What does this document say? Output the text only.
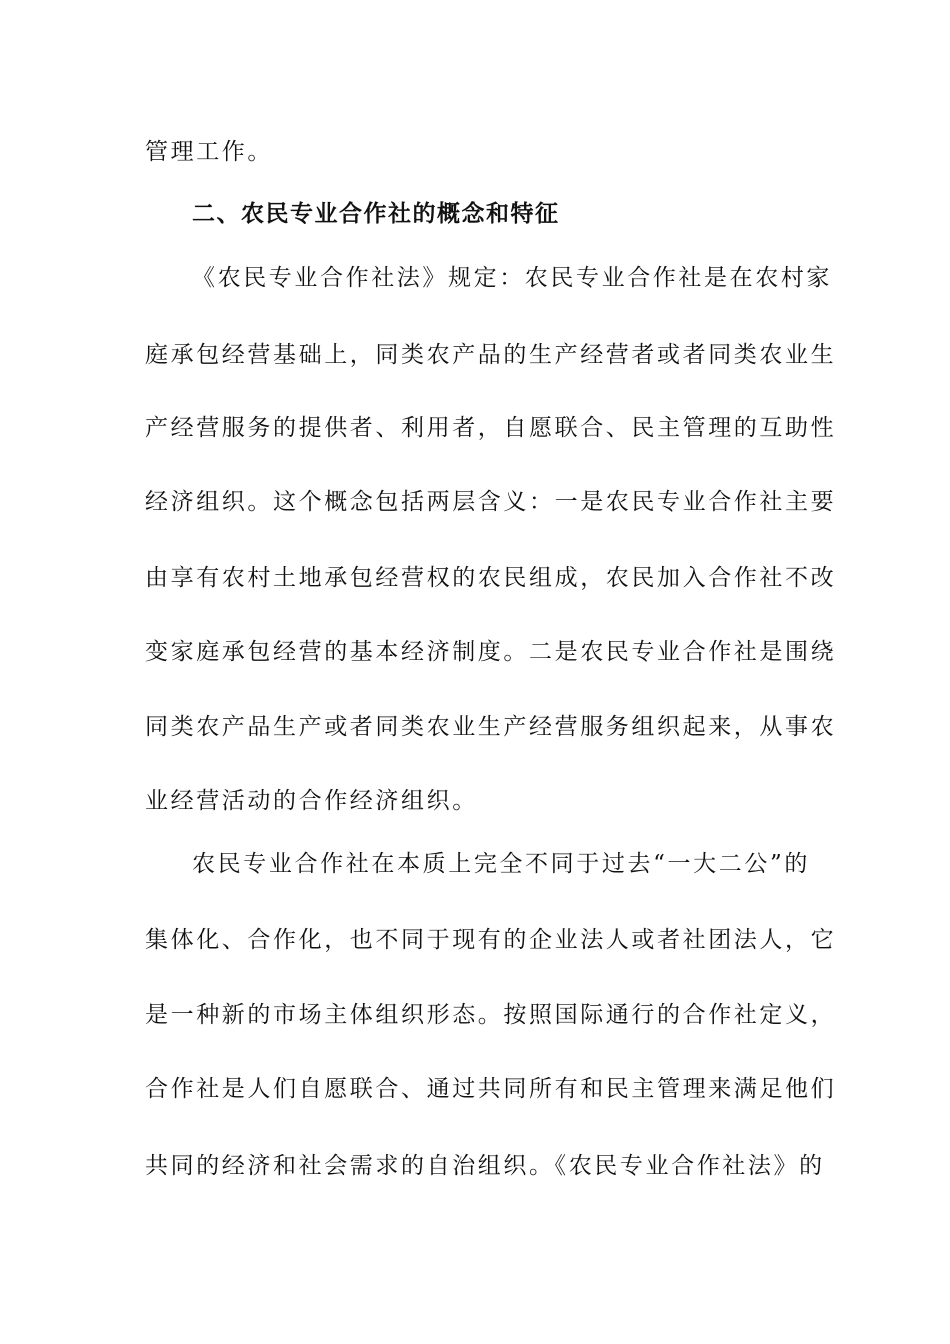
管理工作。
二、农民专业合作社的概念和特征
《农民专业合作社法》规定：农民专业合作社是在农村家
庭承包经营基础上，同类农产品的生产经营者或者同类农业生
产经营服务的提供者、利用者，自愿联合、民主管理的互助性
经济组织。这个概念包括两层含义：一是农民专业合作社主要
由享有农村土地承包经营权的农民组成，农民加入合作社不改
变家庭承包经营的基本经济制度。二是农民专业合作社是围绕
同类农产品生产或者同类农业生产经营服务组织起来，从事农
业经营活动的合作经济组织。
农民专业合作社在本质上完全不同于过去“一大二公”的
集体化、合作化，也不同于现有的企业法人或者社团法人，它
是一种新的市场主体组织形态。按照国际通行的合作社定义，
合作社是人们自愿联合、通过共同所有和民主管理来满足他们
共同的经济和社会需求的自治组织。《农民专业合作社法》的
